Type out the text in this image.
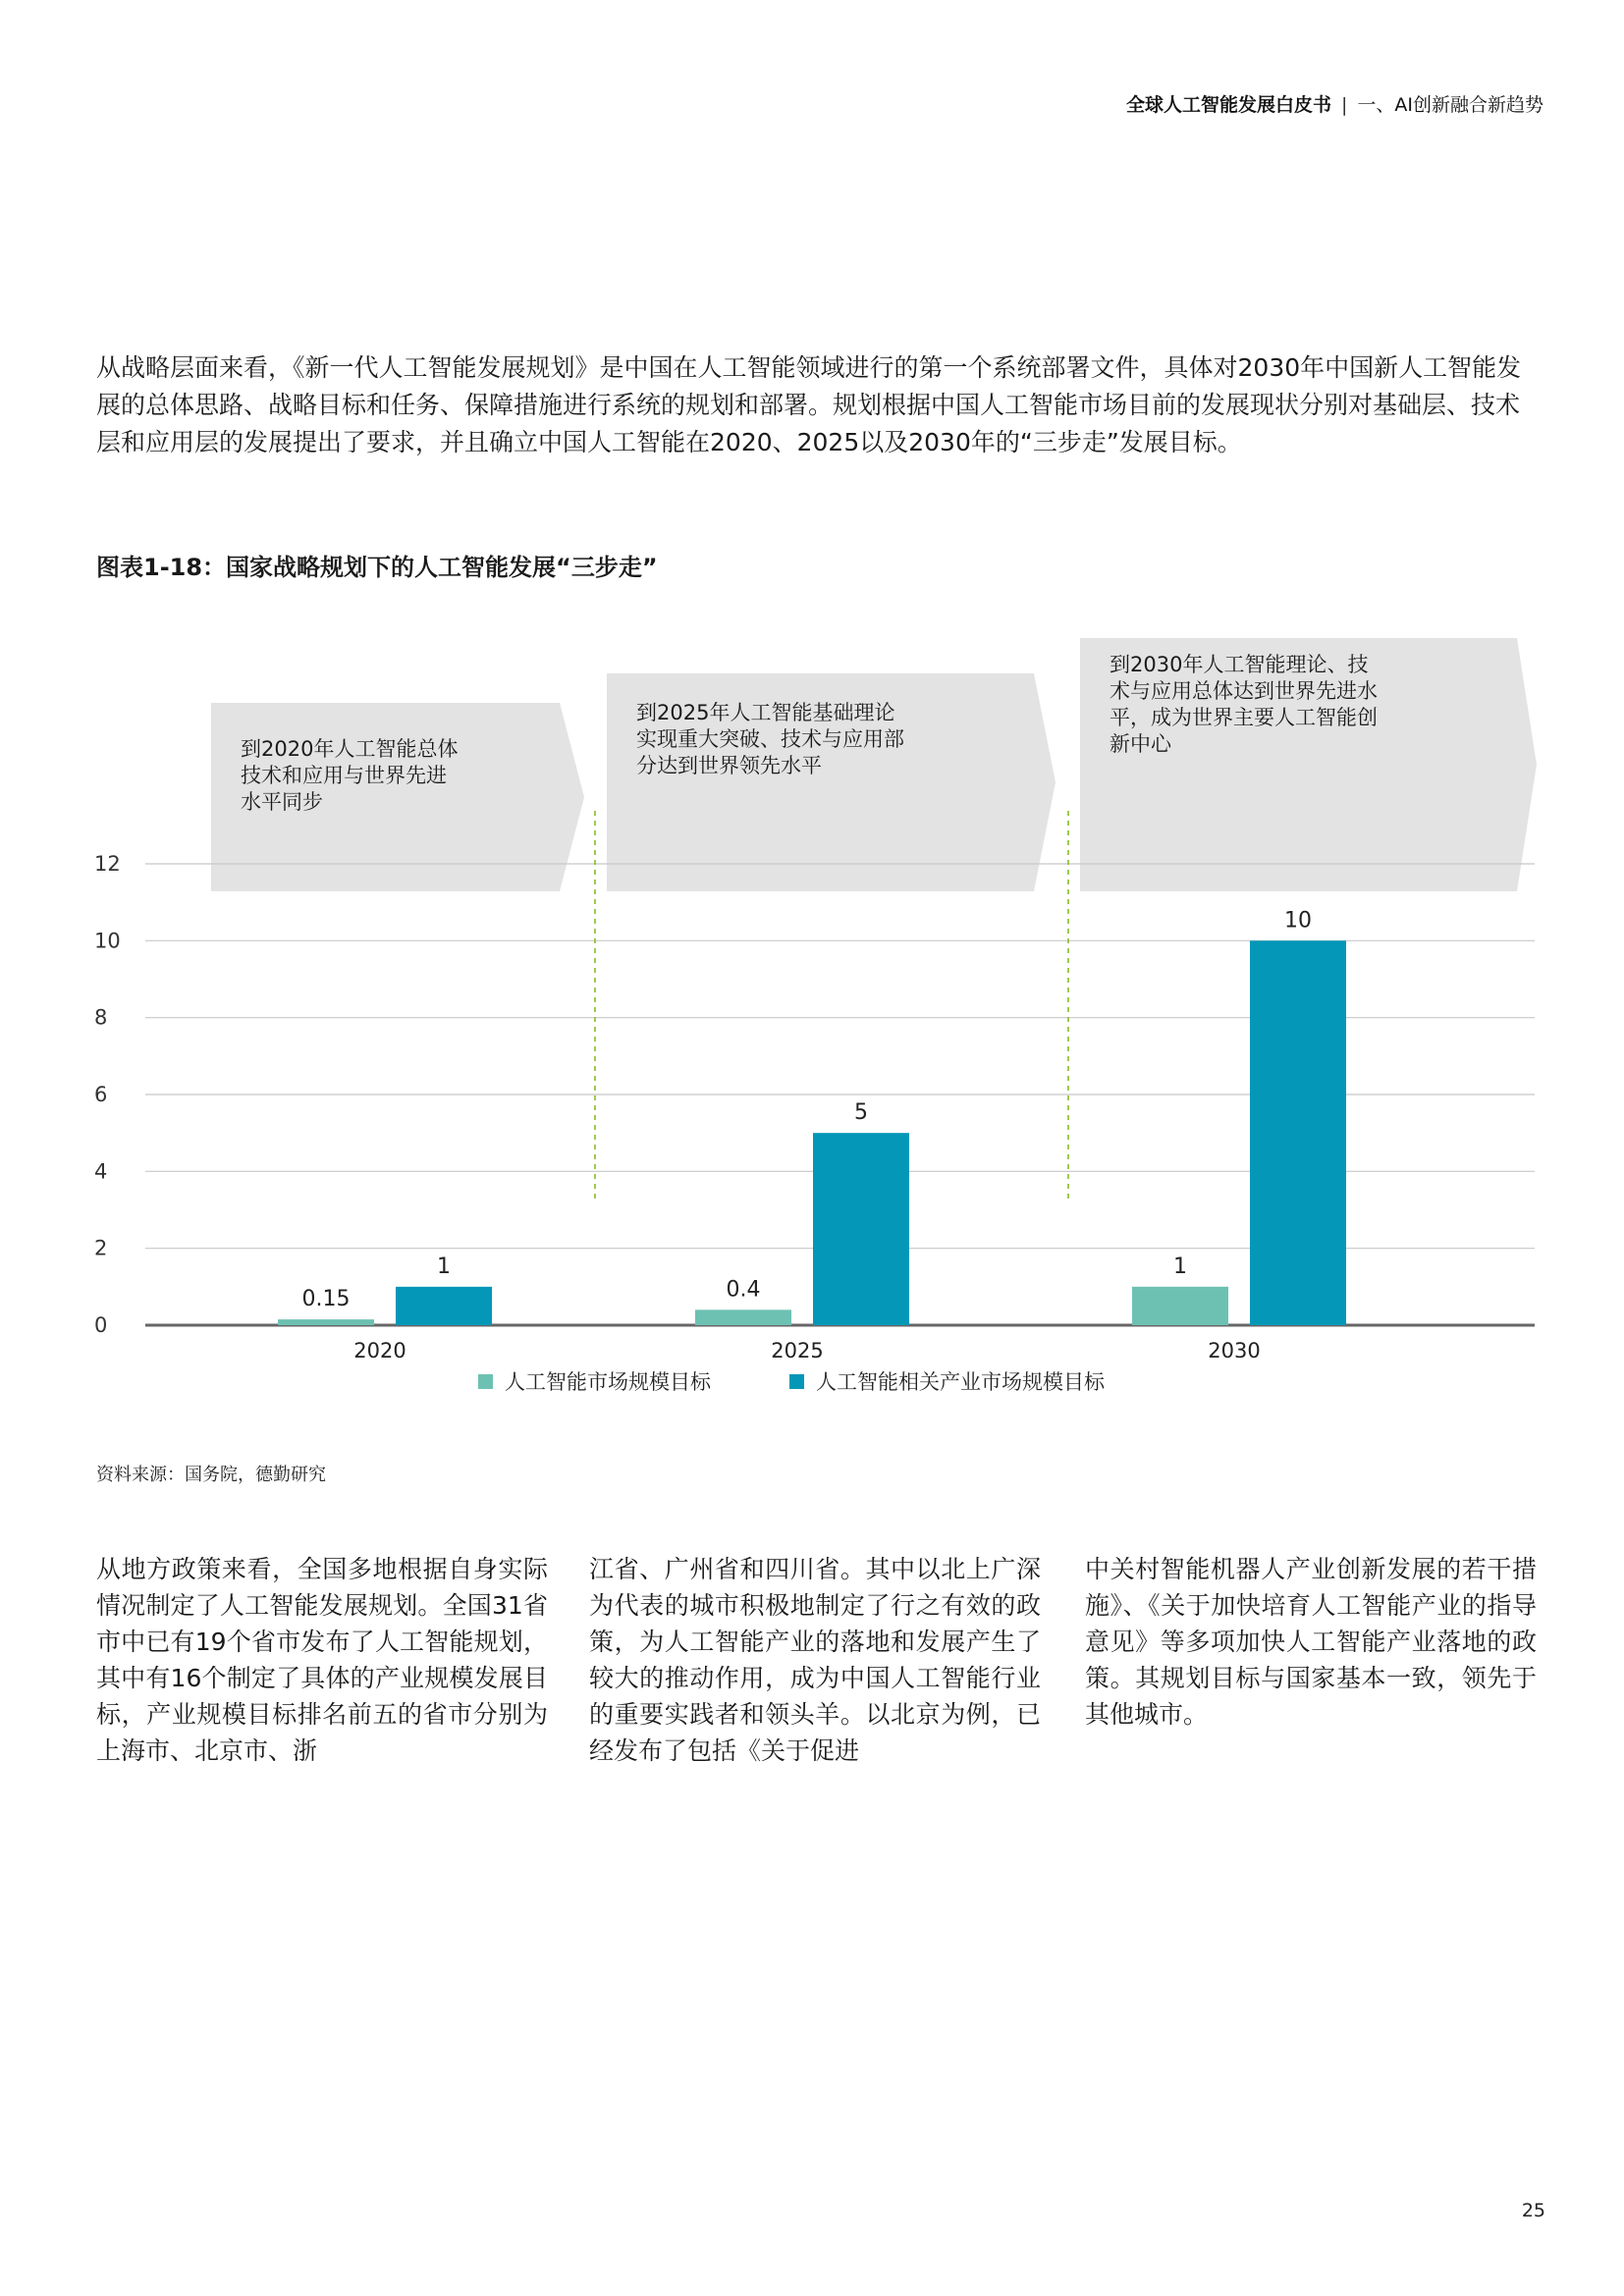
全球人工智能发展白皮书 | 一、AI创新融合新趋势

从战略层面来看，《新一代人工智能发展规划》是中国在人工智能领域进行的第一个系统部署文件，具体对2030年中国新人工智能发展的总体思路、战略目标和任务、保障措施进行系统的规划和部署。规划根据中国人工智能市场目前的发展现状分别对基础层、技术层和应用层的发展提出了要求，并且确立中国人工智能在2020、2025以及2030年的“三步走”发展目标。

图表1-18：国家战略规划下的人工智能发展“三步走”

到2020年人工智能总体
技术和应用与世界先进
水平同步
到2025年人工智能基础理论
实现重大突破、技术与应用部
分达到世界领先水平
到2030年人工智能理论、技
术与应用总体达到世界先进水
平，成为世界主要人工智能创
新中心
0
2
4
6
8
10
12
0.15
1
0.4
5
1
10
2020	2025	2030
人工智能市场规模目标	人工智能相关产业市场规模目标

资料来源：国务院，德勤研究

从地方政策来看，全国多地根据自身实际情况制定了人工智能发展规划。全国31省市中已有19个省市发布了人工智能规划，其中有16个制定了具体的产业规模发展目标，产业规模目标排名前五的省市分别为上海市、北京市、浙

江省、广州省和四川省。其中以北上广深为代表的城市积极地制定了行之有效的政策，为人工智能产业的落地和发展产生了较大的推动作用，成为中国人工智能行业的重要实践者和领头羊。以北京为例，已经发布了包括《关于促进

中关村智能机器人产业创新发展的若干措施》、《关于加快培育人工智能产业的指导意见》等多项加快人工智能产业落地的政策。其规划目标与国家基本一致，领先于其他城市。

25
